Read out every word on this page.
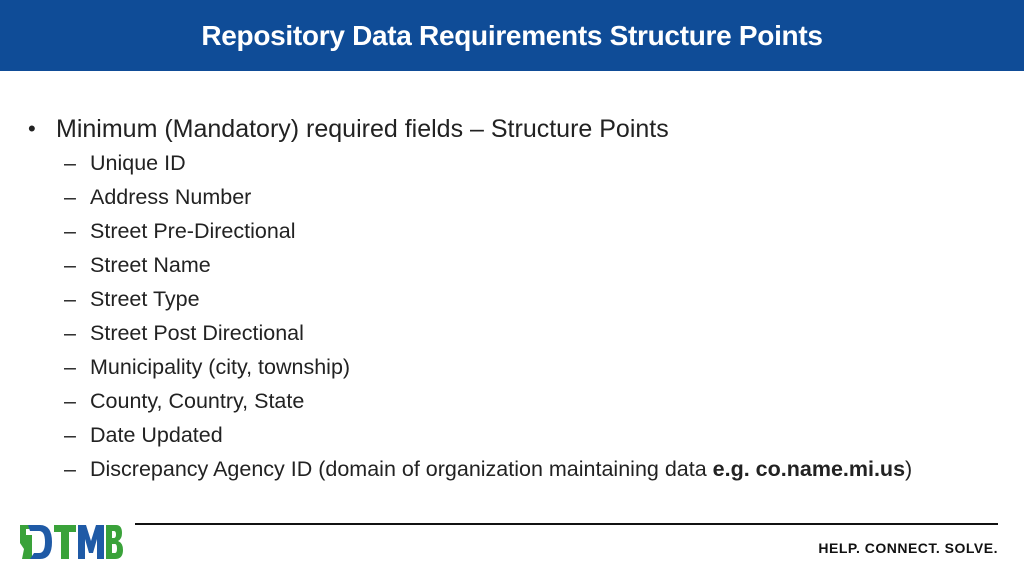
Repository Data Requirements Structure Points
• Minimum (Mandatory) required fields – Structure Points
– Unique ID
– Address Number
– Street Pre-Directional
– Street Name
– Street Type
– Street Post Directional
– Municipality (city, township)
– County, Country, State
– Date Updated
– Discrepancy Agency ID (domain of organization maintaining data e.g. co.name.mi.us)
HELP. CONNECT. SOLVE.
